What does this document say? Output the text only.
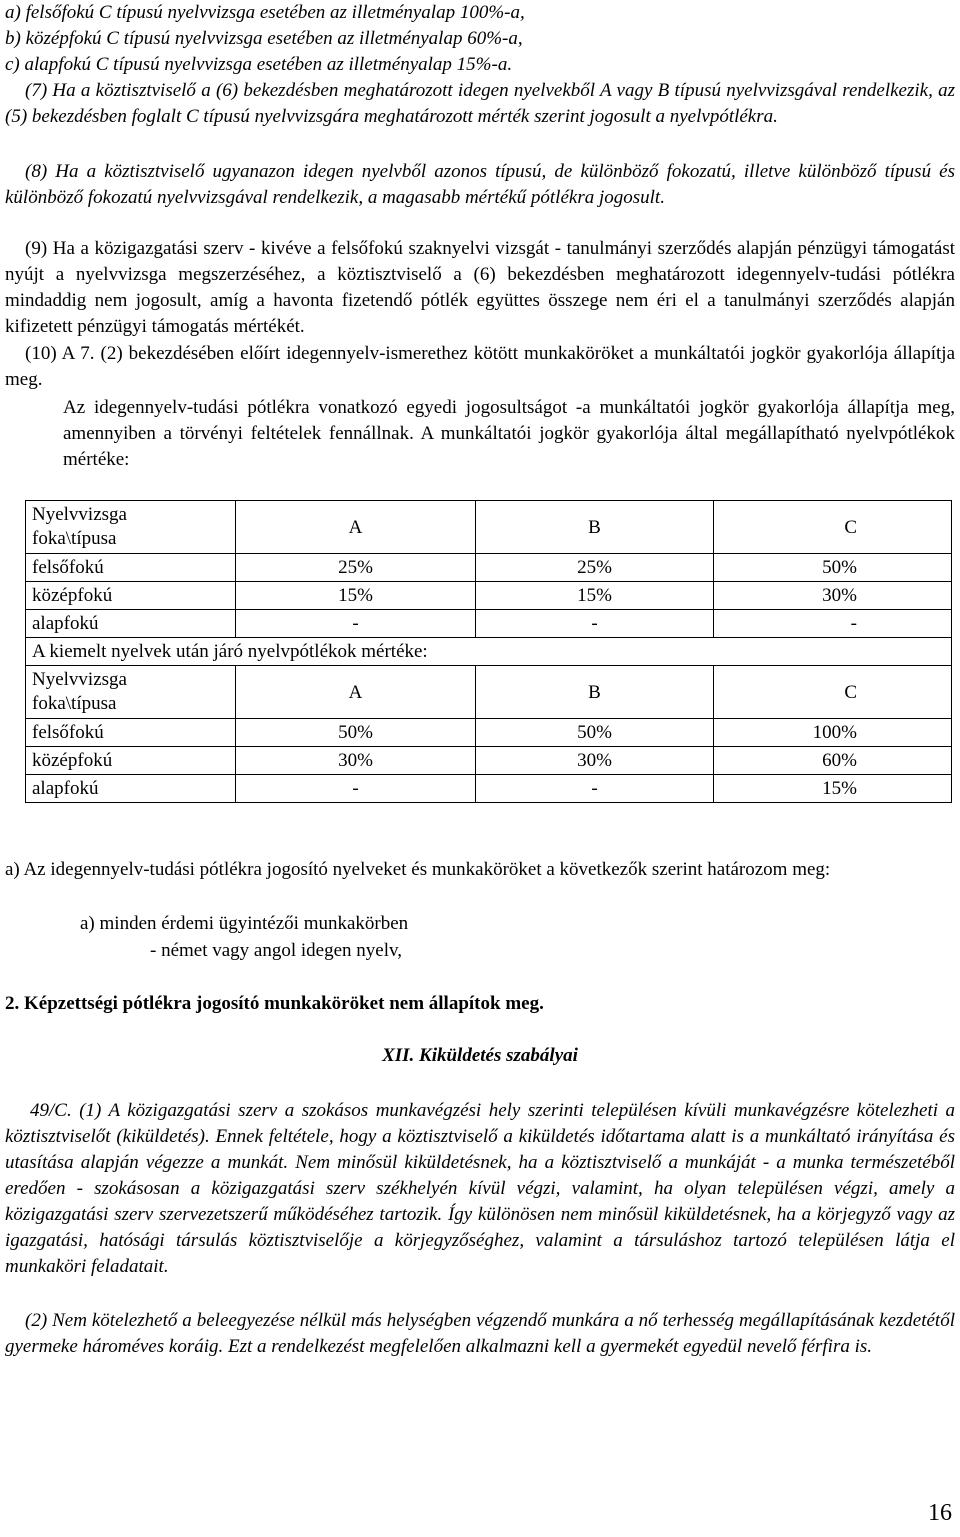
a) felsőfokú C típusú nyelvvizsga esetében az illetményalap 100%-a,
b) középfokú C típusú nyelvvizsga esetében az illetményalap 60%-a,
c) alapfokú C típusú nyelvvizsga esetében az illetményalap 15%-a.
(7) Ha a köztisztviselő a (6) bekezdésben meghatározott idegen nyelvekből A vagy B típusú nyelvvizsgával rendelkezik, az (5) bekezdésben foglalt C típusú nyelvvizsgára meghatározott mérték szerint jogosult a nyelvpótlékra.
(8) Ha a köztisztviselő ugyanazon idegen nyelvből azonos típusú, de különböző fokozatú, illetve különböző típusú és különböző fokozatú nyelvvizsgával rendelkezik, a magasabb mértékű pótlékra jogosult.
(9) Ha a közigazgatási szerv - kivéve a felsőfokú szaknyelvi vizsgát - tanulmányi szerződés alapján pénzügyi támogatást nyújt a nyelvvizsga megszerzéséhez, a köztisztviselő a (6) bekezdésben meghatározott idegennyelv-tudási pótlékra mindaddig nem jogosult, amíg a havonta fizetendő pótlék együttes összege nem éri el a tanulmányi szerződés alapján kifizetett pénzügyi támogatás mértékét.
(10) A 7. (2) bekezdésében előírt idegennyelv-ismerethez kötött munkaköröket a munkáltatói jogkör gyakorlója állapítja meg.
Az idegennyelv-tudási pótlékra vonatkozó egyedi jogosultságot -a munkáltatói jogkör gyakorlója állapítja meg, amennyiben a törvényi feltételek fennállnak. A munkáltatói jogkör gyakorlója által megállapítható nyelvpótlékok mértéke:
Nyelvvizsga
foka\típusa	A	B	C
felsőfokú	25%	25%	50%
középfokú	15%	15%	30%
alapfokú	-	-	-
A kiemelt nyelvek után járó nyelvpótlékok mértéke:			
Nyelvvizsga
foka\típusa	A	B	C
felsőfokú	50%	50%	100%
középfokú	30%	30%	60%
alapfokú	-	-	15%
a) Az idegennyelv-tudási pótlékra jogosító nyelveket és munkaköröket a következők szerint határozom meg:
a) minden érdemi ügyintézői munkakörben
- német vagy angol idegen nyelv,
2. Képzettségi pótlékra jogosító munkaköröket nem állapítok meg.
XII. Kiküldetés szabályai
49/C. (1) A közigazgatási szerv a szokásos munkavégzési hely szerinti településen kívüli munkavégzésre kötelezheti a köztisztviselőt (kiküldetés). Ennek feltétele, hogy a köztisztviselő a kiküldetés időtartama alatt is a munkáltató irányítása és utasítása alapján végezze a munkát. Nem minősül kiküldetésnek, ha a köztisztviselő a munkáját - a munka természetéből eredően - szokásosan a közigazgatási szerv székhelyén kívül végzi, valamint, ha olyan településen végzi, amely a közigazgatási szerv szervezetszerű működéséhez tartozik. Így különösen nem minősül kiküldetésnek, ha a körjegyző vagy az igazgatási, hatósági társulás köztisztviselője a körjegyzőséghez, valamint a társuláshoz tartozó településen látja el munkaköri feladatait.
(2) Nem kötelezhető a beleegyezése nélkül más helységben végzendő munkára a nő terhesség megállapításának kezdetétől gyermeke hároméves koráig. Ezt a rendelkezést megfelelően alkalmazni kell a gyermekét egyedül nevelő férfira is.
16
